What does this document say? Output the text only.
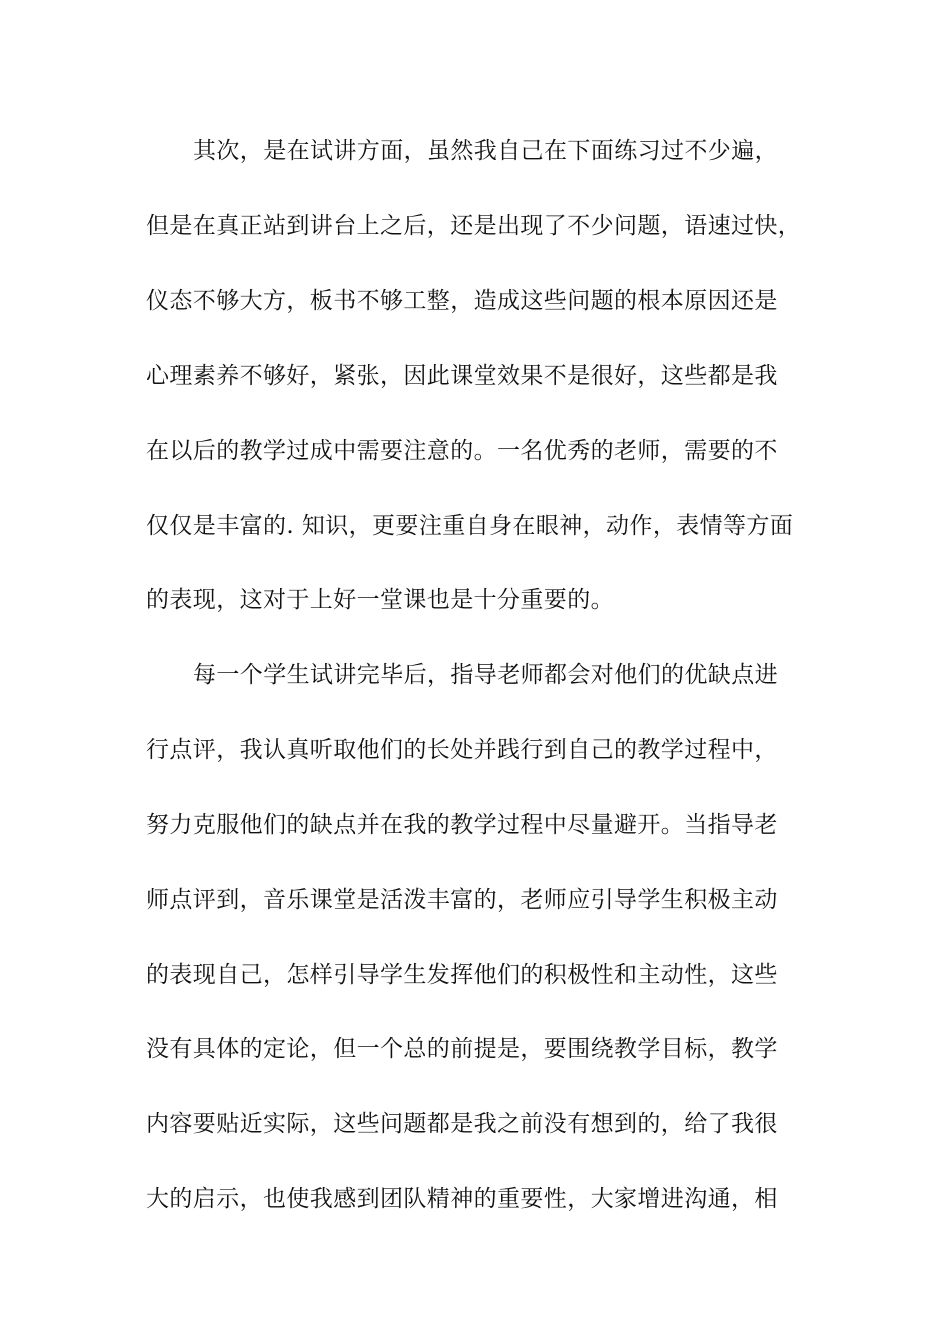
其次，是在试讲方面，虽然我自己在下面练习过不少遍，
但是在真正站到讲台上之后，还是出现了不少问题，语速过快，
仪态不够大方，板书不够工整，造成这些问题的根本原因还是
心理素养不够好，紧张，因此课堂效果不是很好，这些都是我
在以后的教学过成中需要注意的。一名优秀的老师，需要的不
仅仅是丰富的. 知识，更要注重自身在眼神，动作，表情等方面
的表现，这对于上好一堂课也是十分重要的。
每一个学生试讲完毕后，指导老师都会对他们的优缺点进
行点评，我认真听取他们的长处并践行到自己的教学过程中，
努力克服他们的缺点并在我的教学过程中尽量避开。当指导老
师点评到，音乐课堂是活泼丰富的，老师应引导学生积极主动
的表现自己，怎样引导学生发挥他们的积极性和主动性，这些
没有具体的定论，但一个总的前提是，要围绕教学目标，教学
内容要贴近实际，这些问题都是我之前没有想到的，给了我很
大的启示，也使我感到团队精神的重要性，大家增进沟通，相
